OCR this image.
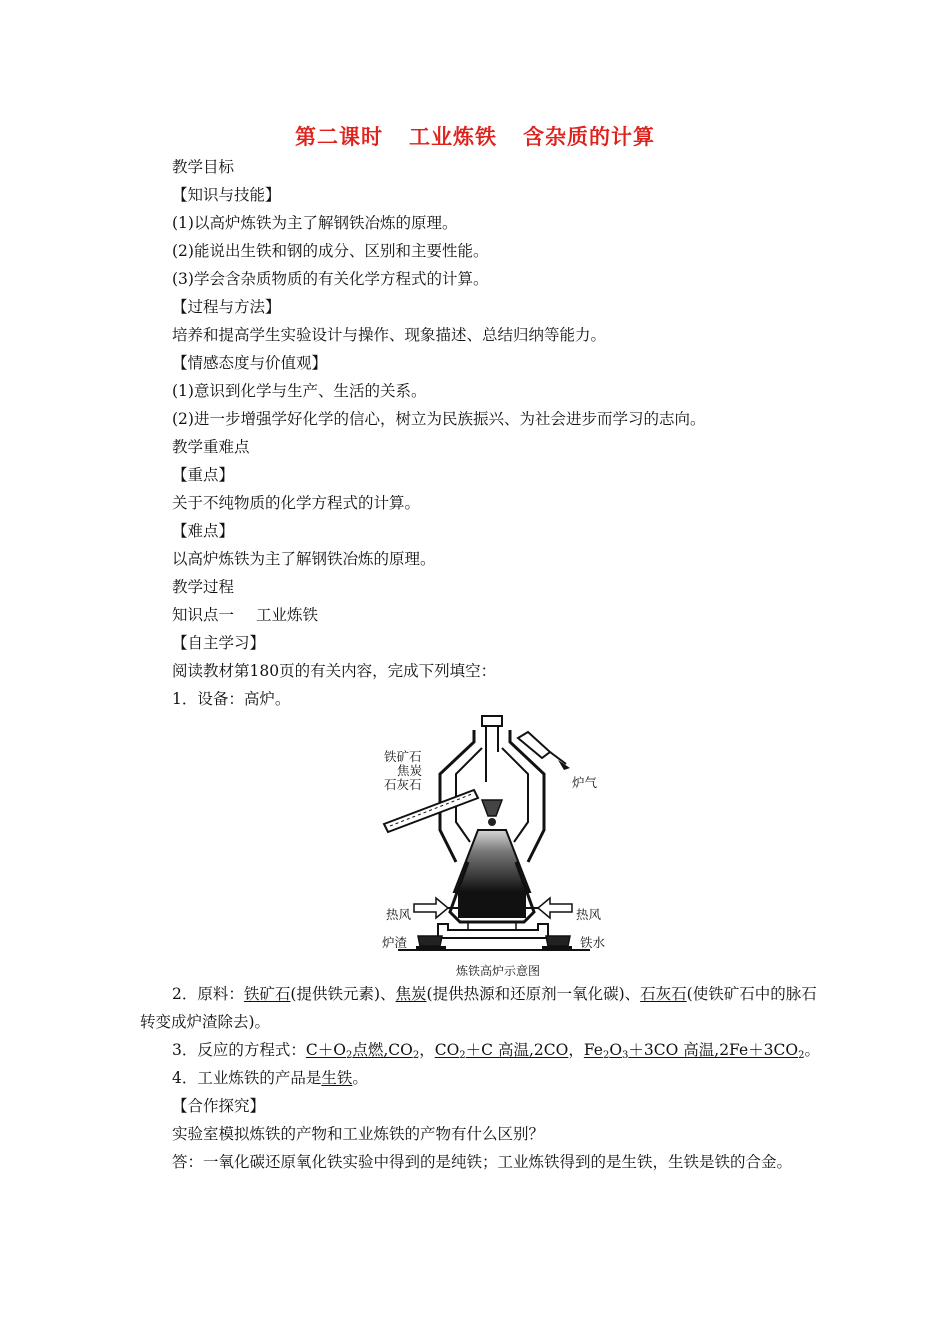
第二课时 工业炼铁 含杂质的计算
教学目标
【知识与技能】
(1)以高炉炼铁为主了解钢铁冶炼的原理。
(2)能说出生铁和钢的成分、区别和主要性能。
(3)学会含杂质物质的有关化学方程式的计算。
【过程与方法】
培养和提高学生实验设计与操作、现象描述、总结归纳等能力。
【情感态度与价值观】
(1)意识到化学与生产、生活的关系。
(2)进一步增强学好化学的信心，树立为民族振兴、为社会进步而学习的志向。
教学重难点
【重点】
关于不纯物质的化学方程式的计算。
【难点】
以高炉炼铁为主了解钢铁冶炼的原理。
教学过程
知识点一 工业炼铁
【自主学习】
阅读教材第180页的有关内容，完成下列填空：
1．设备：高炉。
铁矿石
焦炭
石灰石	炉气
热风	热风
炉渣	铁水
炼铁高炉示意图
2．原料：铁矿石(提供铁元素)、焦炭(提供热源和还原剂一氧化碳)、石灰石(使铁矿石中的脉石转变成炉渣除去)。
3．反应的方程式：$C+O_2$点燃$,CO_2$，$CO_2+C$ 高温,2CO，$Fe_2O_3+3CO$ 高温$,2Fe+3CO_2$。
4．工业炼铁的产品是生铁。
【合作探究】
实验室模拟炼铁的产物和工业炼铁的产物有什么区别？
答：一氧化碳还原氧化铁实验中得到的是纯铁；工业炼铁得到的是生铁，生铁是铁的合金。
